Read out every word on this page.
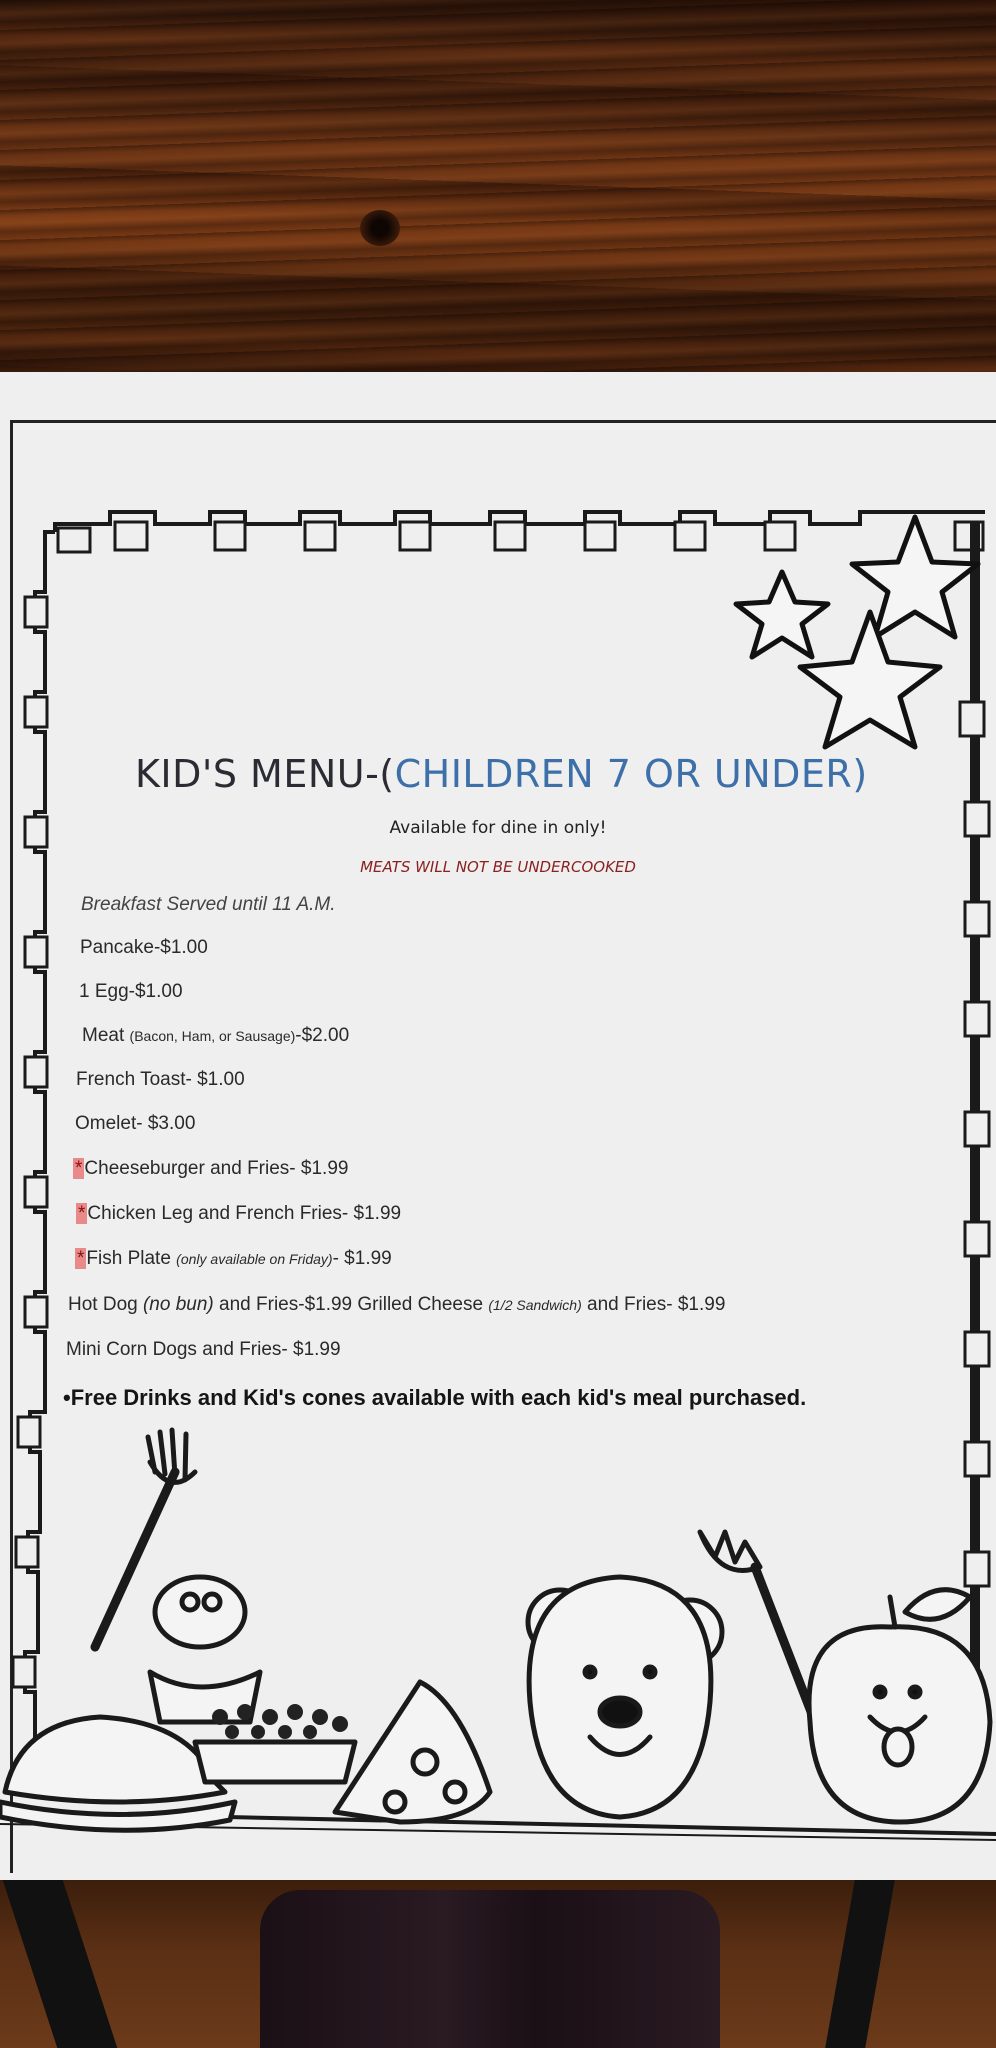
KID'S MENU-(CHILDREN 7 OR UNDER)
Available for dine in only!
MEATS WILL NOT BE UNDERCOOKED
Breakfast Served until 11 A.M.
Pancake-$1.00
1 Egg-$1.00
Meat (Bacon, Ham, or Sausage)-$2.00
French Toast- $1.00
Omelet- $3.00
* Cheeseburger and Fries- $1.99
* Chicken Leg and French Fries- $1.99
* Fish Plate (only available on Friday)- $1.99
Hot Dog (no bun) and Fries-$1.99 Grilled Cheese (1/2 Sandwich) and Fries- $1.99
Mini Corn Dogs and Fries- $1.99
•Free Drinks and Kid's cones available with each kid's meal purchased.
